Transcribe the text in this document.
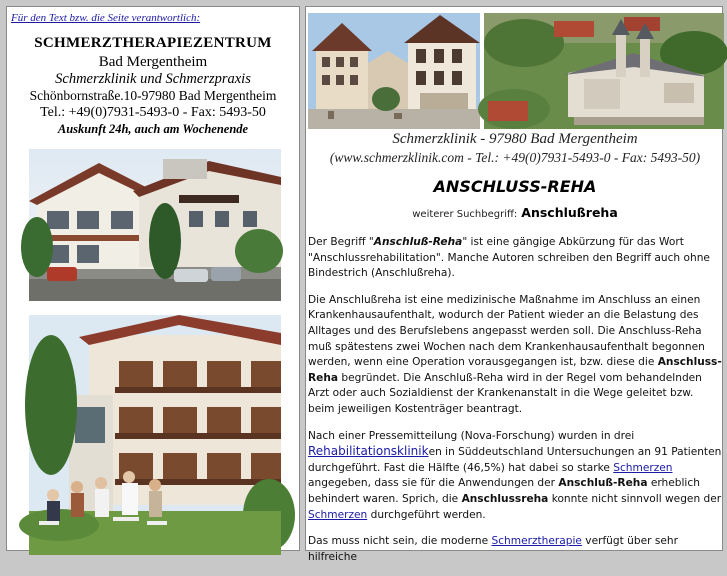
Für den Text bzw. die Seite verantwortlich:
SCHMERZTHERAPIEZENTRUM
Bad Mergentheim
Schmerzklinik und Schmerzpraxis
Schönbornstraße.10-97980 Bad Mergentheim
Tel.: +49(0)7931-5493-0 - Fax: 5493-50
Auskunft 24h, auch am Wochenende
Schmerzklinik - 97980 Bad Mergentheim
(www.schmerzklinik.com - Tel.: +49(0)7931-5493-0 - Fax: 5493-50)
ANSCHLUSS-REHA
weiterer Suchbegriff: Anschlußreha

Der Begriff "Anschluß-Reha" ist eine gängige Abkürzung für das Wort "Anschlussrehabilitation". Manche Autoren schreiben den Begriff auch ohne Bindestrich (Anschlußreha).

Die Anschlußreha ist eine medizinische Maßnahme im Anschluss an einen Krankenhausaufenthalt, wodurch der Patient wieder an die Belastung des Alltages und des Berufslebens angepasst werden soll. Die Anschluss-Reha muß spätestens zwei Wochen nach dem Krankenhausaufenthalt begonnen werden, wenn eine Operation vorausgegangen ist, bzw. diese die Anschluss-Reha begründet. Die Anschluß-Reha wird in der Regel vom behandelnden Arzt oder auch Sozialdienst der Krankenanstalt in die Wege geleitet bzw. beim jeweiligen Kostenträger beantragt.

Nach einer Pressemitteilung (Nova-Forschung) wurden in drei Rehabilitationskliniken in Süddeutschland Untersuchungen an 91 Patienten durchgeführt. Fast die Hälfte (46,5%) hat dabei so starke Schmerzen angegeben, dass sie für die Anwendungen der Anschluß-Reha erheblich behindert waren. Sprich, die Anschlussreha konnte nicht sinnvoll wegen der Schmerzen durchgeführt werden.

Das muss nicht sein, die moderne Schmerztherapie verfügt über sehr hilfreiche
